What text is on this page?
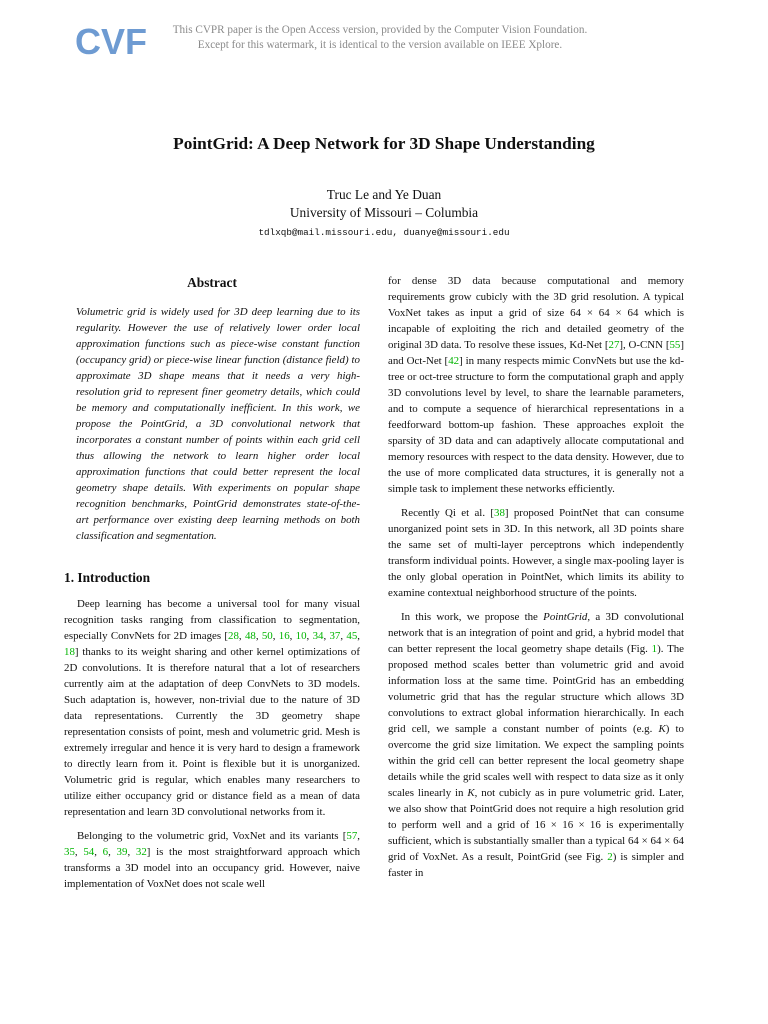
CVF	This CVPR paper is the Open Access version, provided by the Computer Vision Foundation.
Except for this watermark, it is identical to the version available on IEEE Xplore.
PointGrid: A Deep Network for 3D Shape Understanding
Truc Le and Ye Duan
University of Missouri – Columbia
tdlxqb@mail.missouri.edu, duanye@missouri.edu
Abstract

Volumetric grid is widely used for 3D deep learning due to its regularity. However the use of relatively lower order local approximation functions such as piece-wise constant function (occupancy grid) or piece-wise linear function (distance field) to approximate 3D shape means that it needs a very high-resolution grid to represent finer geometry details, which could be memory and computationally inefficient. In this work, we propose the PointGrid, a 3D convolutional network that incorporates a constant number of points within each grid cell thus allowing the network to learn higher order local approximation functions that could better represent the local geometry shape details. With experiments on popular shape recognition benchmarks, PointGrid demonstrates state-of-the-art performance over existing deep learning methods on both classification and segmentation.

1. Introduction

Deep learning has become a universal tool for many visual recognition tasks ranging from classification to segmentation, especially ConvNets for 2D images [28, 48, 50, 16, 10, 34, 37, 45, 18] thanks to its weight sharing and other kernel optimizations of 2D convolutions. It is therefore natural that a lot of researchers currently aim at the adaptation of deep ConvNets to 3D models. Such adaptation is, however, non-trivial due to the nature of 3D data representations. Currently the 3D geometry shape representation consists of point, mesh and volumetric grid. Mesh is extremely irregular and hence it is very hard to design a framework to directly learn from it. Point is flexible but it is unorganized. Volumetric grid is regular, which enables many researchers to utilize either occupancy grid or distance field as a mean of data representation and learn 3D convolutional networks from it.

Belonging to the volumetric grid, VoxNet and its variants [57, 35, 54, 6, 39, 32] is the most straightforward approach which transforms a 3D model into an occupancy grid. However, naive implementation of VoxNet does not scale well

for dense 3D data because computational and memory requirements grow cubicly with the 3D grid resolution. A typical VoxNet takes as input a grid of size 64 × 64 × 64 which is incapable of exploiting the rich and detailed geometry of the original 3D data. To resolve these issues, Kd-Net [27], O-CNN [55] and Oct-Net [42] in many respects mimic ConvNets but use the kd-tree or oct-tree structure to form the computational graph and apply 3D convolutions level by level, to share the learnable parameters, and to compute a sequence of hierarchical representations in a feedforward bottom-up fashion. These approaches exploit the sparsity of 3D data and can adaptively allocate computational and memory resources with respect to the data density. However, due to the use of more complicated data structures, it is generally not a simple task to implement these networks efficiently.

Recently Qi et al. [38] proposed PointNet that can consume unorganized point sets in 3D. In this network, all 3D points share the same set of multi-layer perceptrons which independently transform individual points. However, a single max-pooling layer is the only global operation in PointNet, which limits its ability to examine contextual neighborhood structure of the points.

In this work, we propose the PointGrid, a 3D convolutional network that is an integration of point and grid, a hybrid model that can better represent the local geometry shape details (Fig. 1). The proposed method scales better than volumetric grid and avoid information loss at the same time. PointGrid has an embedding volumetric grid that has the regular structure which allows 3D convolutions to extract global information hierarchically. In each grid cell, we sample a constant number of points (e.g. K) to overcome the grid size limitation. We expect the sampling points within the grid cell can better represent the local geometry shape details while the grid scales well with respect to data size as it only scales linearly in K, not cubicly as in pure volumetric grid. Later, we also show that PointGrid does not require a high resolution grid to perform well and a grid of 16 × 16 × 16 is experimentally sufficient, which is substantially smaller than a typical 64 × 64 × 64 grid of VoxNet. As a result, PointGrid (see Fig. 2) is simpler and faster in
